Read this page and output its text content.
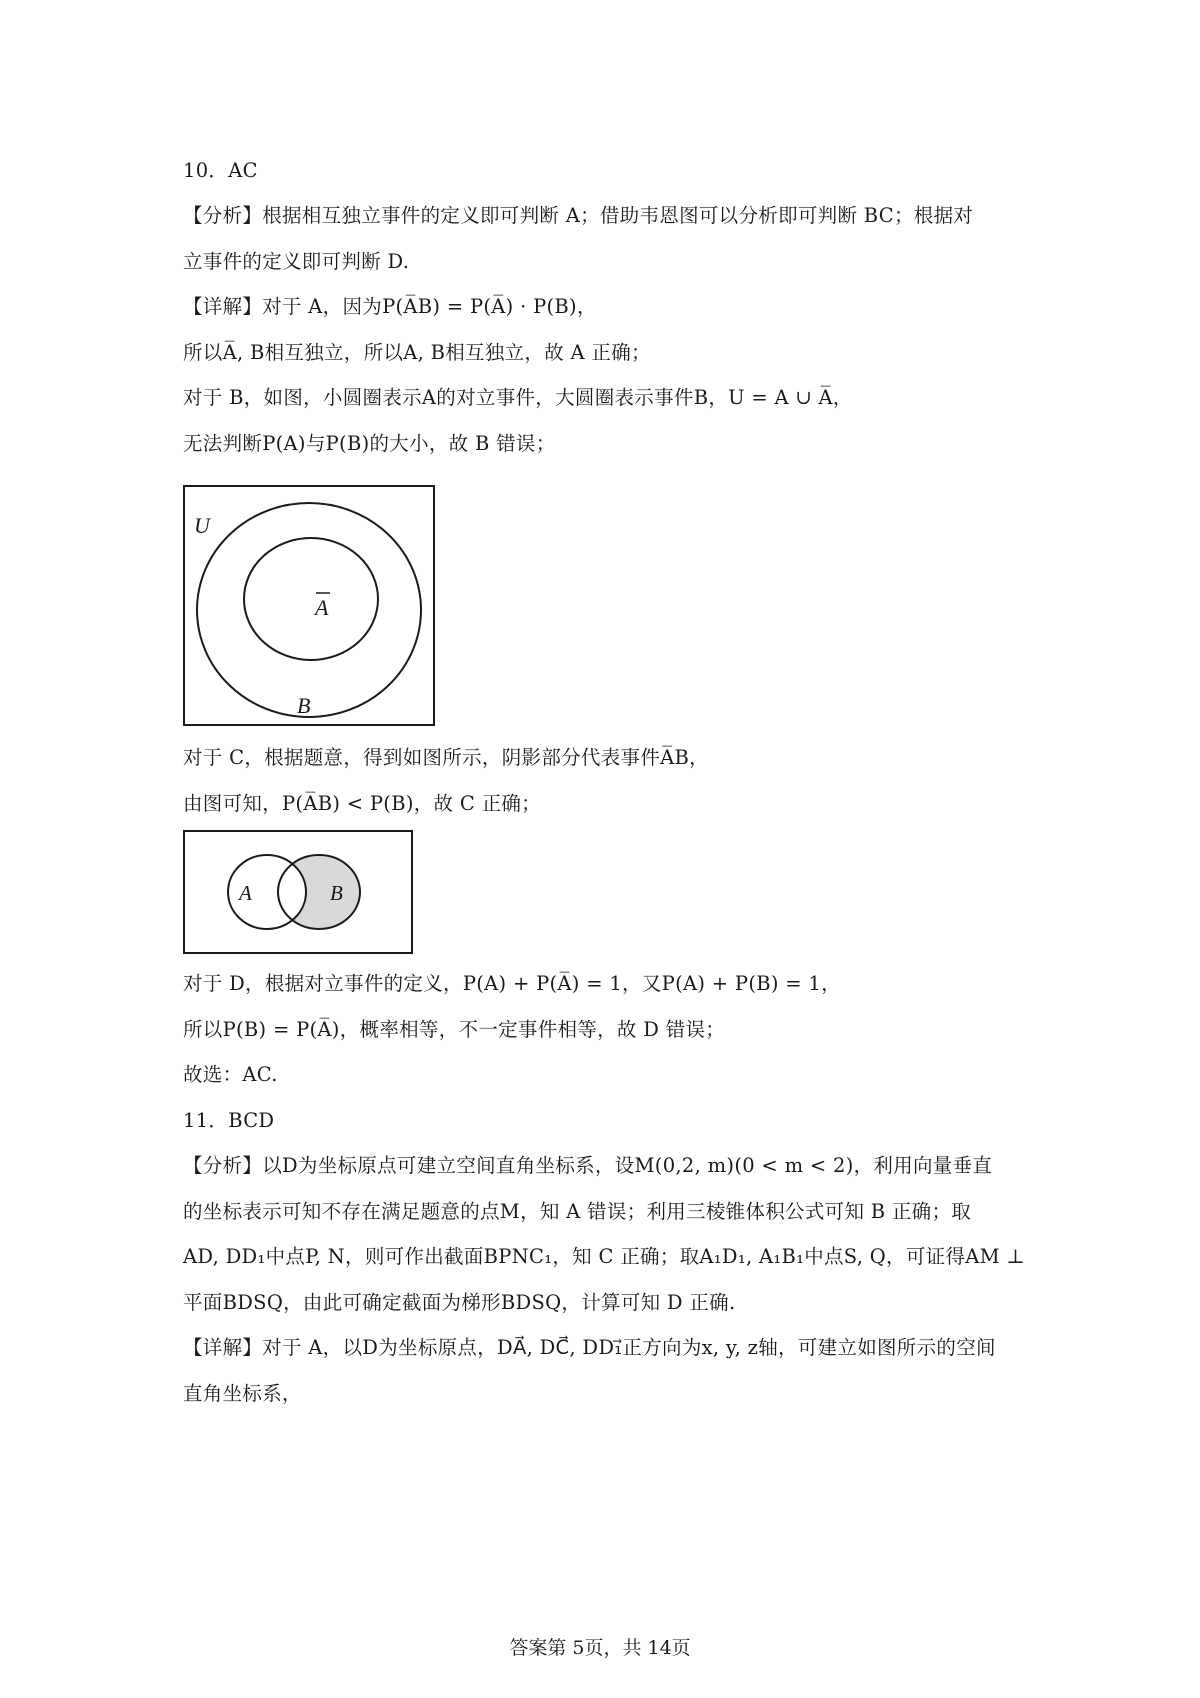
10．AC
【分析】根据相互独立事件的定义即可判断 A；借助韦恩图可以分析即可判断 BC；根据对
立事件的定义即可判断 D.
【详解】对于 A，因为P(A̅B) = P(A̅) · P(B)，
所以A̅, B相互独立，所以A, B相互独立，故 A 正确；
对于 B，如图，小圆圈表示A的对立事件，大圆圈表示事件B，U = A ∪ A̅，
无法判断P(A)与P(B)的大小，故 B 错误；
U
A
B
对于 C，根据题意，得到如图所示，阴影部分代表事件A̅B，
由图可知，P(A̅B) < P(B)，故 C 正确；
A	B
对于 D，根据对立事件的定义，P(A) + P(A̅) = 1，又P(A) + P(B) = 1，
所以P(B) = P(A̅)，概率相等，不一定事件相等，故 D 错误；
故选：AC.
11．BCD
【分析】以D为坐标原点可建立空间直角坐标系，设M(0,2, m)(0 < m < 2)，利用向量垂直
的坐标表示可知不存在满足题意的点M，知 A 错误；利用三棱锥体积公式可知 B 正确；取
AD, DD₁中点P, N，则可作出截面BPNC₁，知 C 正确；取A₁D₁, A₁B₁中点S, Q，可证得AM ⊥
平面BDSQ，由此可确定截面为梯形BDSQ，计算可知 D 正确.
【详解】对于 A，以D为坐标原点，DA⃗, DC⃗, DD₁⃗正方向为x, y, z轴，可建立如图所示的空间
直角坐标系，
答案第 5页，共 14页
